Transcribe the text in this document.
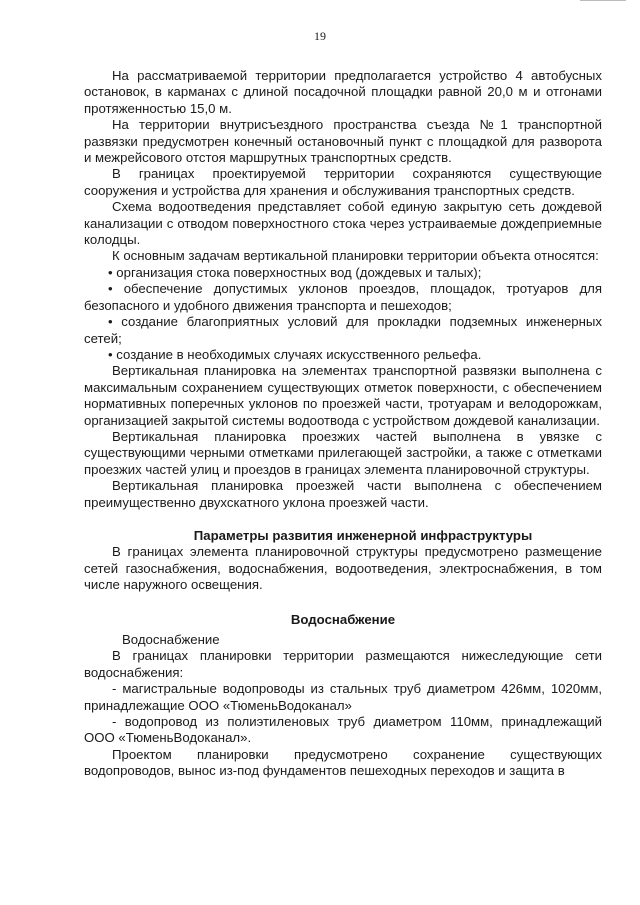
19

На рассматриваемой территории предполагается устройство 4 автобусных остановок, в карманах с длиной посадочной площадки равной 20,0 м и отгонами протяженностью 15,0 м.

На территории внутрисъездного пространства съезда №1 транспортной развязки предусмотрен конечный остановочный пункт с площадкой для разворота и межрейсового отстоя маршрутных транспортных средств.

В границах проектируемой территории сохраняются существующие сооружения и устройства для хранения и обслуживания транспортных средств.

Схема водоотведения представляет собой единую закрытую сеть дождевой канализации с отводом поверхностного стока через устраиваемые дождеприемные колодцы.

К основным задачам вертикальной планировки территории объекта относятся:

• организация стока поверхностных вод (дождевых и талых);

• обеспечение допустимых уклонов проездов, площадок, тротуаров для безопасного и удобного движения транспорта и пешеходов;

• создание благоприятных условий для прокладки подземных инженерных сетей;

• создание в необходимых случаях искусственного рельефа.

Вертикальная планировка на элементах транспортной развязки выполнена с максимальным сохранением существующих отметок поверхности, с обеспечением нормативных поперечных уклонов по проезжей части, тротуарам и велодорожкам, организацией закрытой системы водоотвода с устройством дождевой канализации.

Вертикальная планировка проезжих частей выполнена в увязке с существующими черными отметками прилегающей застройки, а также с отметками проезжих частей улиц и проездов в границах элемента планировочной структуры.

Вертикальная планировка проезжей части выполнена с обеспечением преимущественно двухскатного уклона проезжей части.

Параметры развития инженерной инфраструктуры

В границах элемента планировочной структуры предусмотрено размещение сетей газоснабжения, водоснабжения, водоотведения, электроснабжения, в том числе наружного освещения.

Водоснабжение

Водоснабжение

В границах планировки территории размещаются нижеследующие сети водоснабжения:

- магистральные водопроводы из стальных труб диаметром 426мм, 1020мм, принадлежащие ООО «ТюменьВодоканал»

- водопровод из полиэтиленовых труб диаметром 110мм, принадлежащий ООО «ТюменьВодоканал».

Проектом планировки предусмотрено сохранение существующих водопроводов, вынос из-под фундаментов пешеходных переходов и защита в
